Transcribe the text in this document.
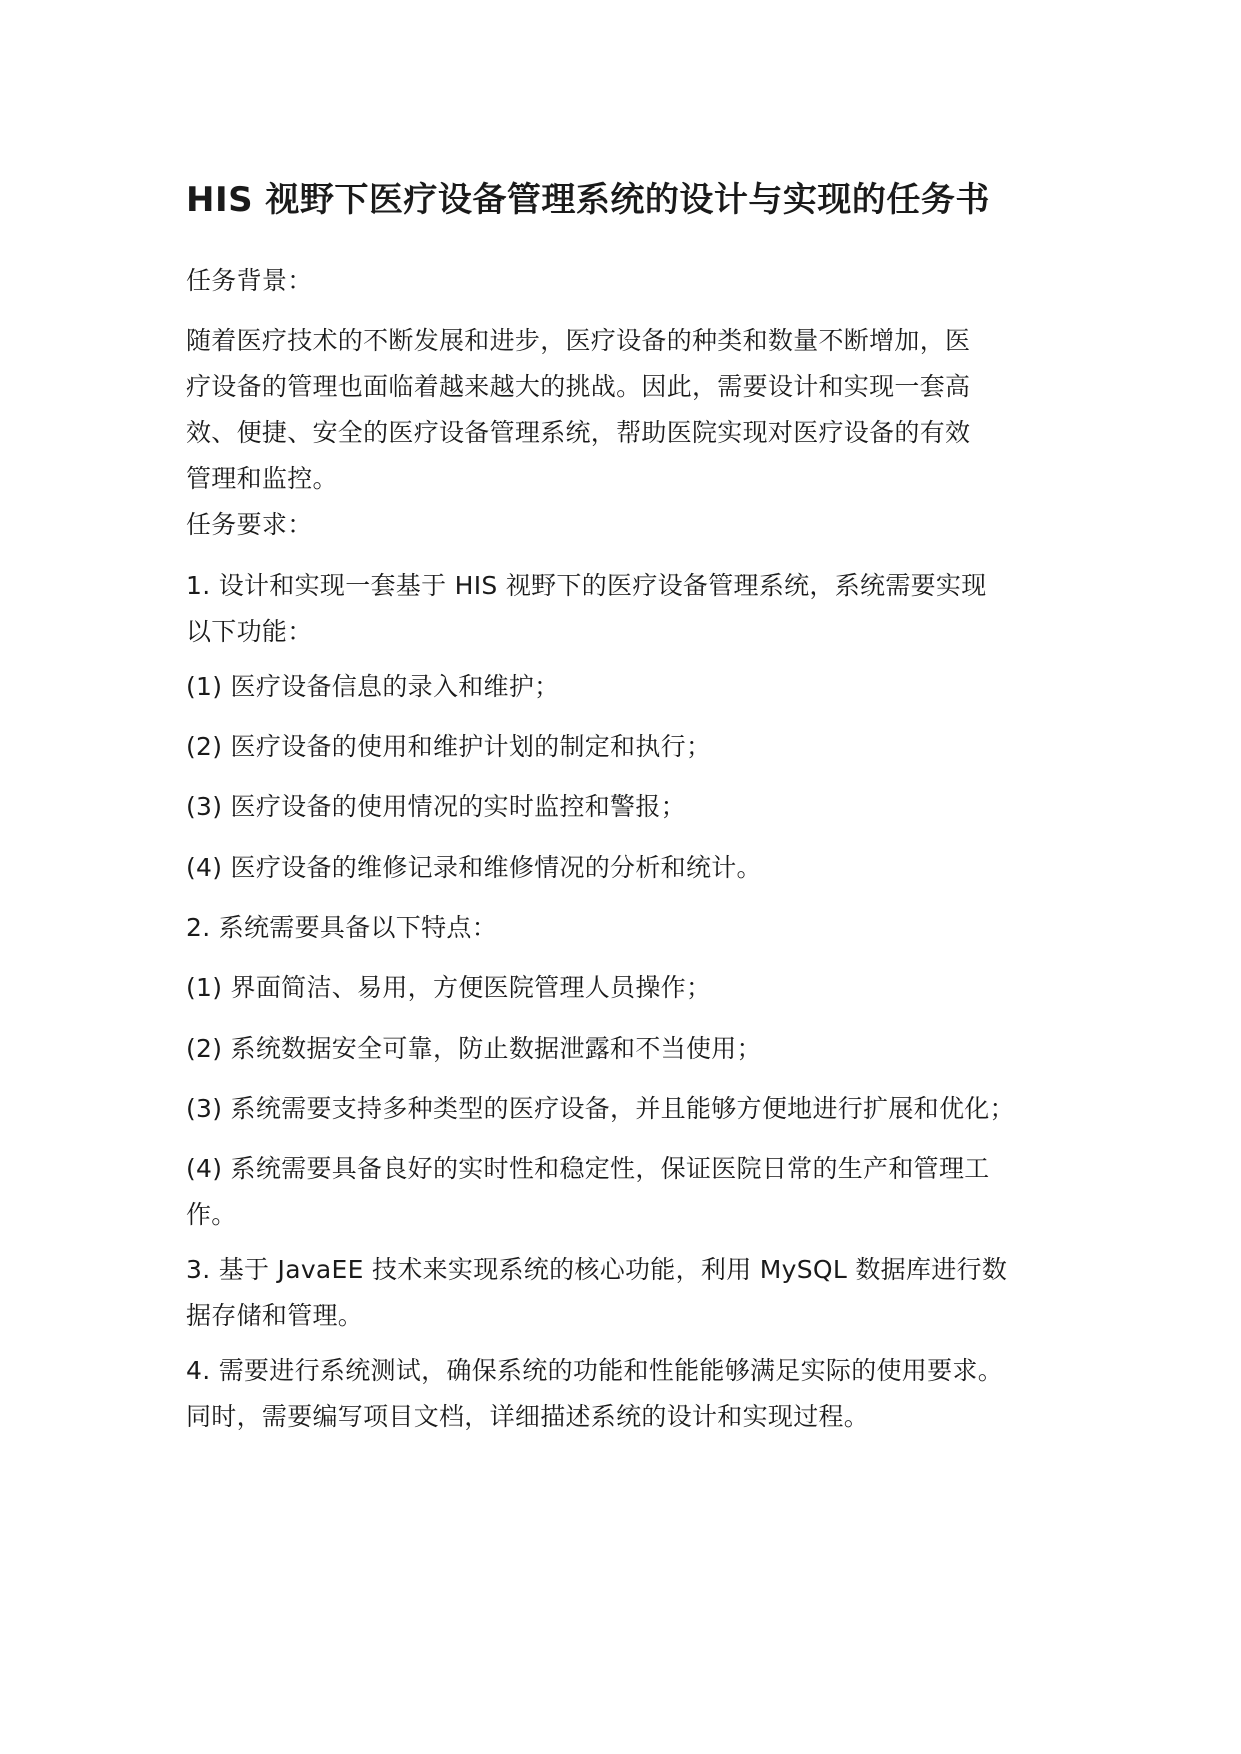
HIS 视野下医疗设备管理系统的设计与实现的任务书
任务背景：
随着医疗技术的不断发展和进步，医疗设备的种类和数量不断增加，医
疗设备的管理也面临着越来越大的挑战。因此，需要设计和实现一套高
效、便捷、安全的医疗设备管理系统，帮助医院实现对医疗设备的有效
管理和监控。
任务要求：
1. 设计和实现一套基于 HIS 视野下的医疗设备管理系统，系统需要实现
以下功能：
(1) 医疗设备信息的录入和维护；
(2) 医疗设备的使用和维护计划的制定和执行；
(3) 医疗设备的使用情况的实时监控和警报；
(4) 医疗设备的维修记录和维修情况的分析和统计。
2. 系统需要具备以下特点：
(1) 界面简洁、易用，方便医院管理人员操作；
(2) 系统数据安全可靠，防止数据泄露和不当使用；
(3) 系统需要支持多种类型的医疗设备，并且能够方便地进行扩展和优化；
(4) 系统需要具备良好的实时性和稳定性，保证医院日常的生产和管理工
作。
3. 基于 JavaEE 技术来实现系统的核心功能，利用 MySQL 数据库进行数
据存储和管理。
4. 需要进行系统测试，确保系统的功能和性能能够满足实际的使用要求。
同时，需要编写项目文档，详细描述系统的设计和实现过程。
